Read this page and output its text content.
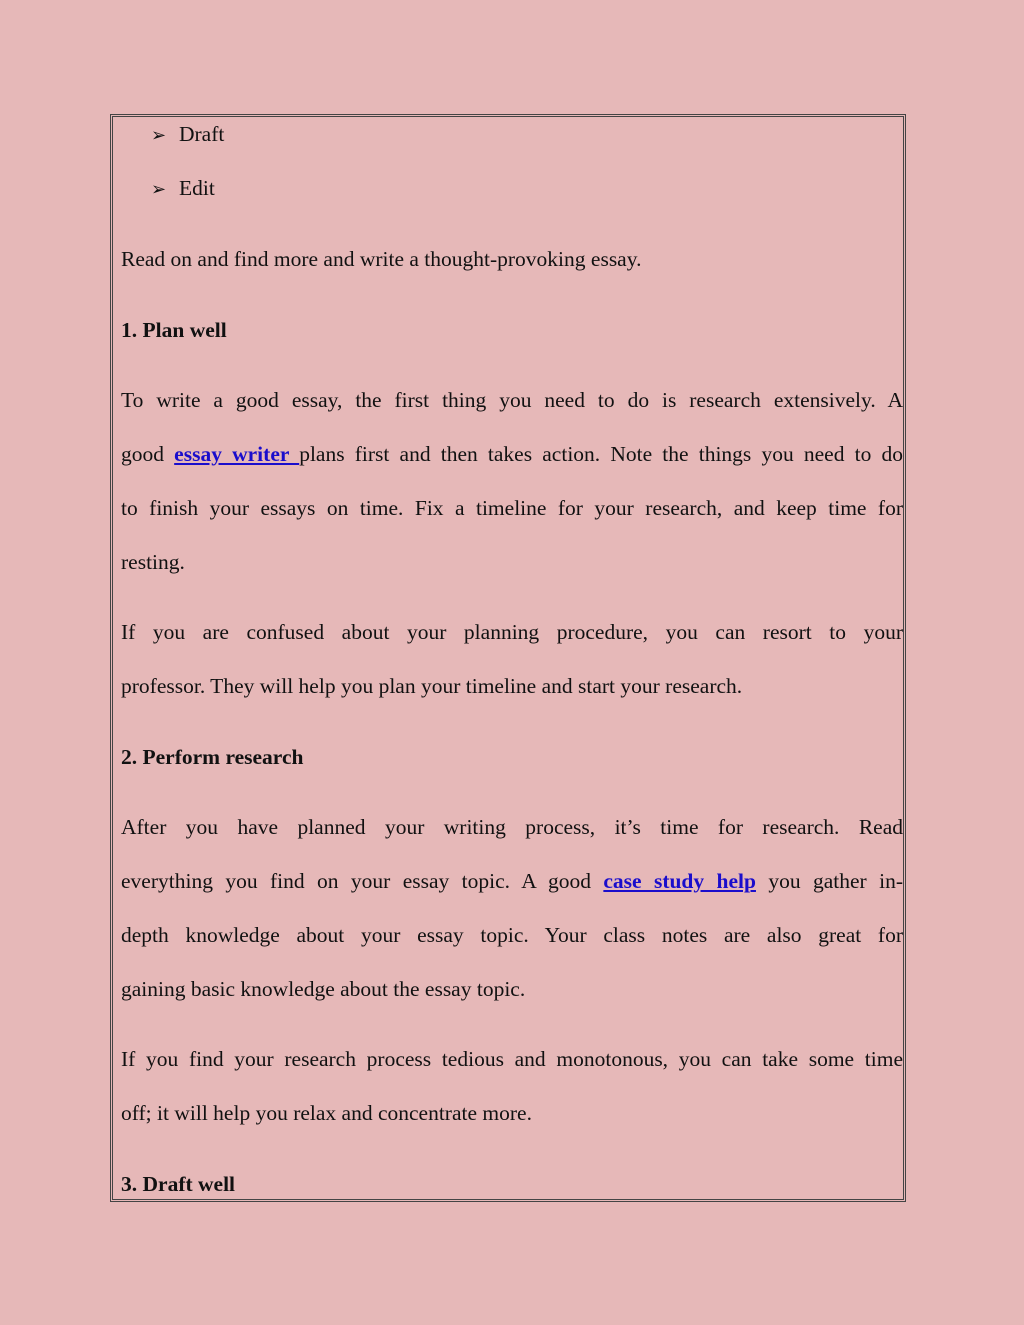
➢ Draft
➢ Edit
Read on and find more and write a thought-provoking essay.
1. Plan well
To write a good essay, the first thing you need to do is research extensively. A
good essay writer plans first and then takes action. Note the things you need to do
to finish your essays on time. Fix a timeline for your research, and keep time for
resting.
If you are confused about your planning procedure, you can resort to your
professor. They will help you plan your timeline and start your research.
2. Perform research
After you have planned your writing process, it’s time for research. Read
everything you find on your essay topic. A good case study help you gather in-
depth knowledge about your essay topic. Your class notes are also great for
gaining basic knowledge about the essay topic.
If you find your research process tedious and monotonous, you can take some time
off; it will help you relax and concentrate more.
3. Draft well
